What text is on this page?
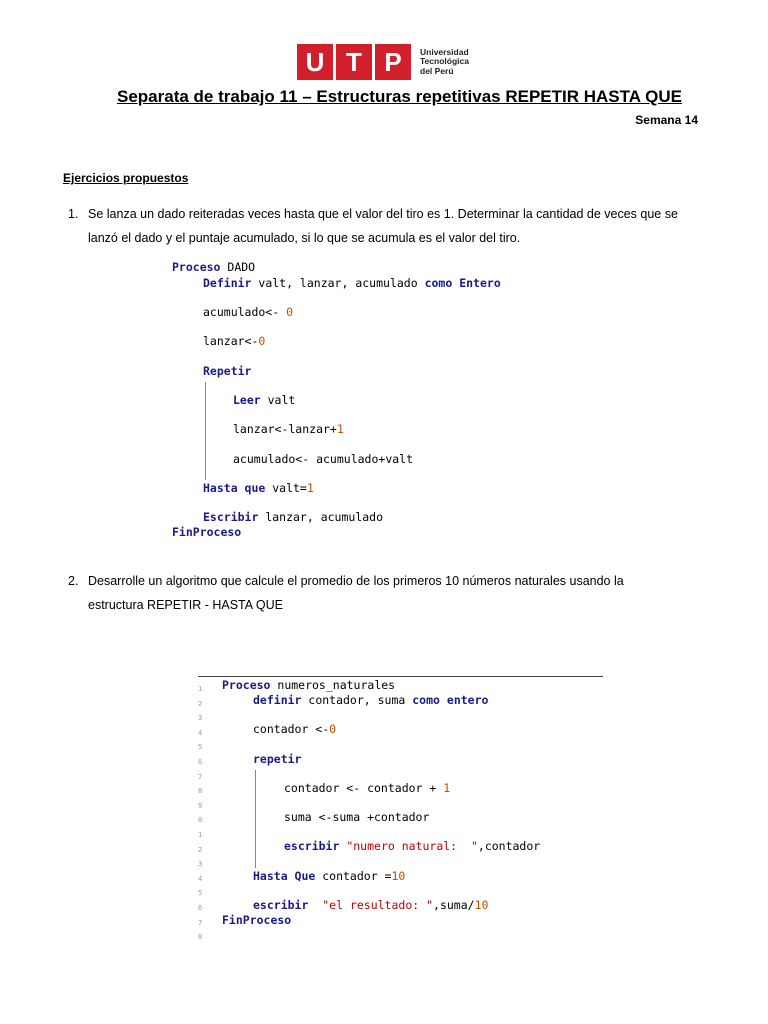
U T P	Universidad
Tecnológica
del Perú
Separata de trabajo 11 – Estructuras repetitivas REPETIR HASTA QUE
Semana 14
Ejercicios propuestos
1. Se lanza un dado reiteradas veces hasta que el valor del tiro es 1. Determinar la cantidad de veces que se
lanzó el dado y el puntaje acumulado, si lo que se acumula es el valor del tiro.
Proceso DADO
Definir valt, lanzar, acumulado como Entero
acumulado<- 0
lanzar<-0
Repetir
Leer valt
lanzar<-lanzar+1
acumulado<- acumulado+valt
Hasta que valt=1
Escribir lanzar, acumulado
FinProceso
2. Desarrolle un algoritmo que calcule el promedio de los primeros 10 números naturales usando la
estructura REPETIR - HASTA QUE
1
2
3
4
5
6
7
8
9
0
1
2
3
4
5
6
7
8
Proceso numeros_naturales
definir contador, suma como entero
contador <-0
repetir
contador <- contador + 1
suma <-suma +contador
escribir "numero natural:  ",contador
Hasta Que contador =10
escribir "el resultado: ",suma/10
FinProceso
